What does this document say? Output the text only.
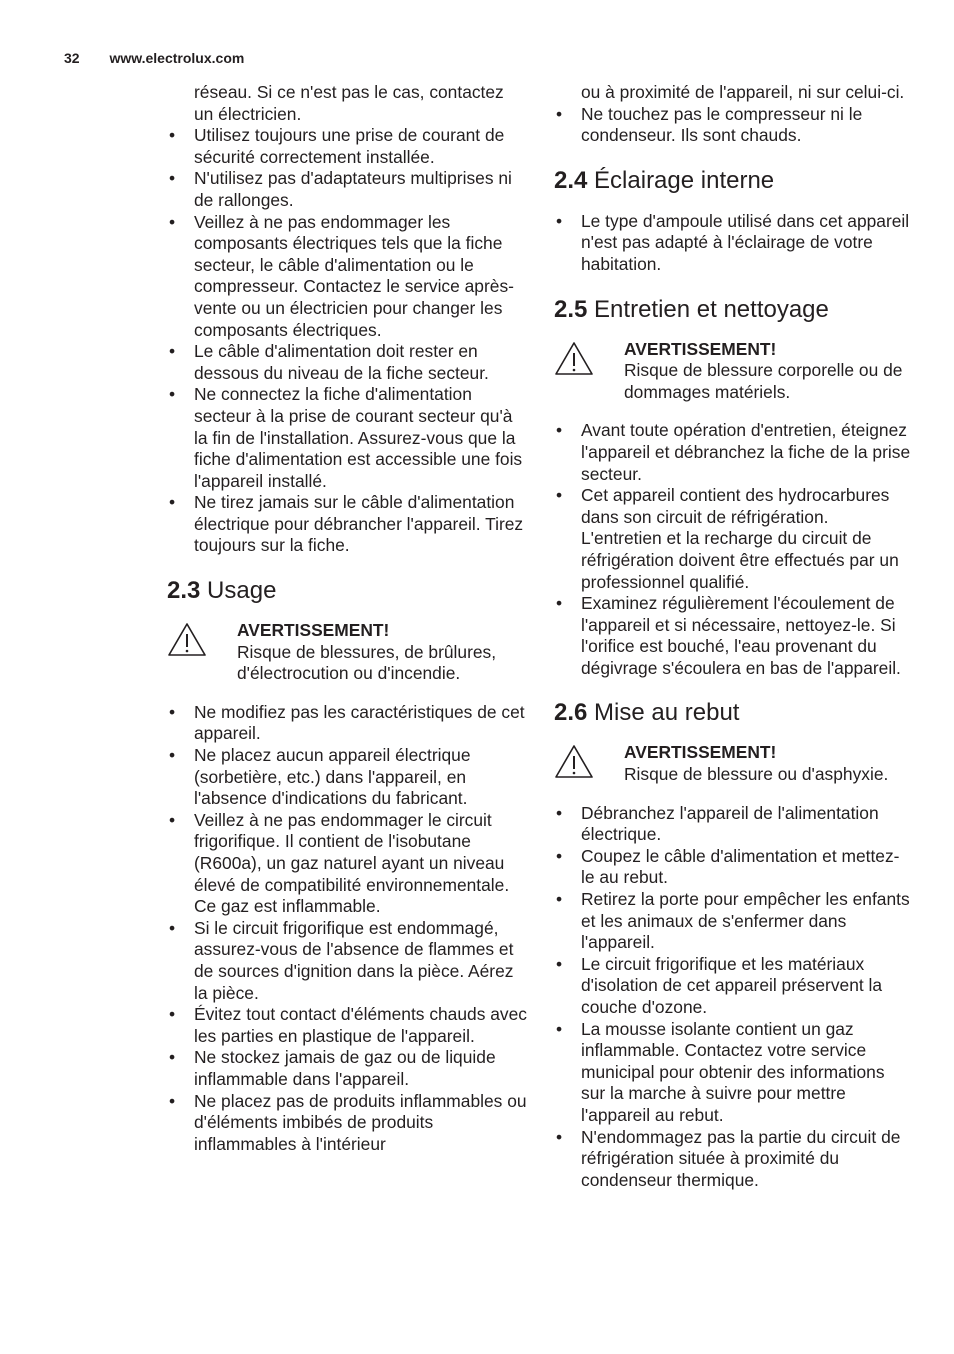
32 www.electrolux.com

réseau. Si ce n'est pas le cas, contactez un électricien.

• Utilisez toujours une prise de courant de sécurité correctement installée.
• N'utilisez pas d'adaptateurs multiprises ni de rallonges.
• Veillez à ne pas endommager les composants électriques tels que la fiche secteur, le câble d'alimentation ou le compresseur. Contactez le service après-vente ou un électricien pour changer les composants électriques.
• Le câble d'alimentation doit rester en dessous du niveau de la fiche secteur.
• Ne connectez la fiche d'alimentation secteur à la prise de courant secteur qu'à la fin de l'installation. Assurez-vous que la fiche d'alimentation est accessible une fois l'appareil installé.
• Ne tirez jamais sur le câble d'alimentation électrique pour débrancher l'appareil. Tirez toujours sur la fiche.
2.3 Usage
AVERTISSEMENT!
Risque de blessures, de brûlures, d'électrocution ou d'incendie.
• Ne modifiez pas les caractéristiques de cet appareil.
• Ne placez aucun appareil électrique (sorbetière, etc.) dans l'appareil, en l'absence d'indications du fabricant.
• Veillez à ne pas endommager le circuit frigorifique. Il contient de l'isobutane (R600a), un gaz naturel ayant un niveau élevé de compatibilité environnementale. Ce gaz est inflammable.
• Si le circuit frigorifique est endommagé, assurez-vous de l'absence de flammes et de sources d'ignition dans la pièce. Aérez la pièce.
• Évitez tout contact d'éléments chauds avec les parties en plastique de l'appareil.
• Ne stockez jamais de gaz ou de liquide inflammable dans l'appareil.
• Ne placez pas de produits inflammables ou d'éléments imbibés de produits inflammables à l'intérieur

ou à proximité de l'appareil, ni sur celui-ci.

• Ne touchez pas le compresseur ni le condenseur. Ils sont chauds.
2.4 Éclairage interne
• Le type d'ampoule utilisé dans cet appareil n'est pas adapté à l'éclairage de votre habitation.
2.5 Entretien et nettoyage
AVERTISSEMENT!
Risque de blessure corporelle ou de dommages matériels.
• Avant toute opération d'entretien, éteignez l'appareil et débranchez la fiche de la prise secteur.
• Cet appareil contient des hydrocarbures dans son circuit de réfrigération. L'entretien et la recharge du circuit de réfrigération doivent être effectués par un professionnel qualifié.
• Examinez régulièrement l'écoulement de l'appareil et si nécessaire, nettoyez-le. Si l'orifice est bouché, l'eau provenant du dégivrage s'écoulera en bas de l'appareil.
2.6 Mise au rebut
AVERTISSEMENT!
Risque de blessure ou d'asphyxie.
• Débranchez l'appareil de l'alimentation électrique.
• Coupez le câble d'alimentation et mettez-le au rebut.
• Retirez la porte pour empêcher les enfants et les animaux de s'enfermer dans l'appareil.
• Le circuit frigorifique et les matériaux d'isolation de cet appareil préservent la couche d'ozone.
• La mousse isolante contient un gaz inflammable. Contactez votre service municipal pour obtenir des informations sur la marche à suivre pour mettre l'appareil au rebut.
• N'endommagez pas la partie du circuit de réfrigération située à proximité du condenseur thermique.
